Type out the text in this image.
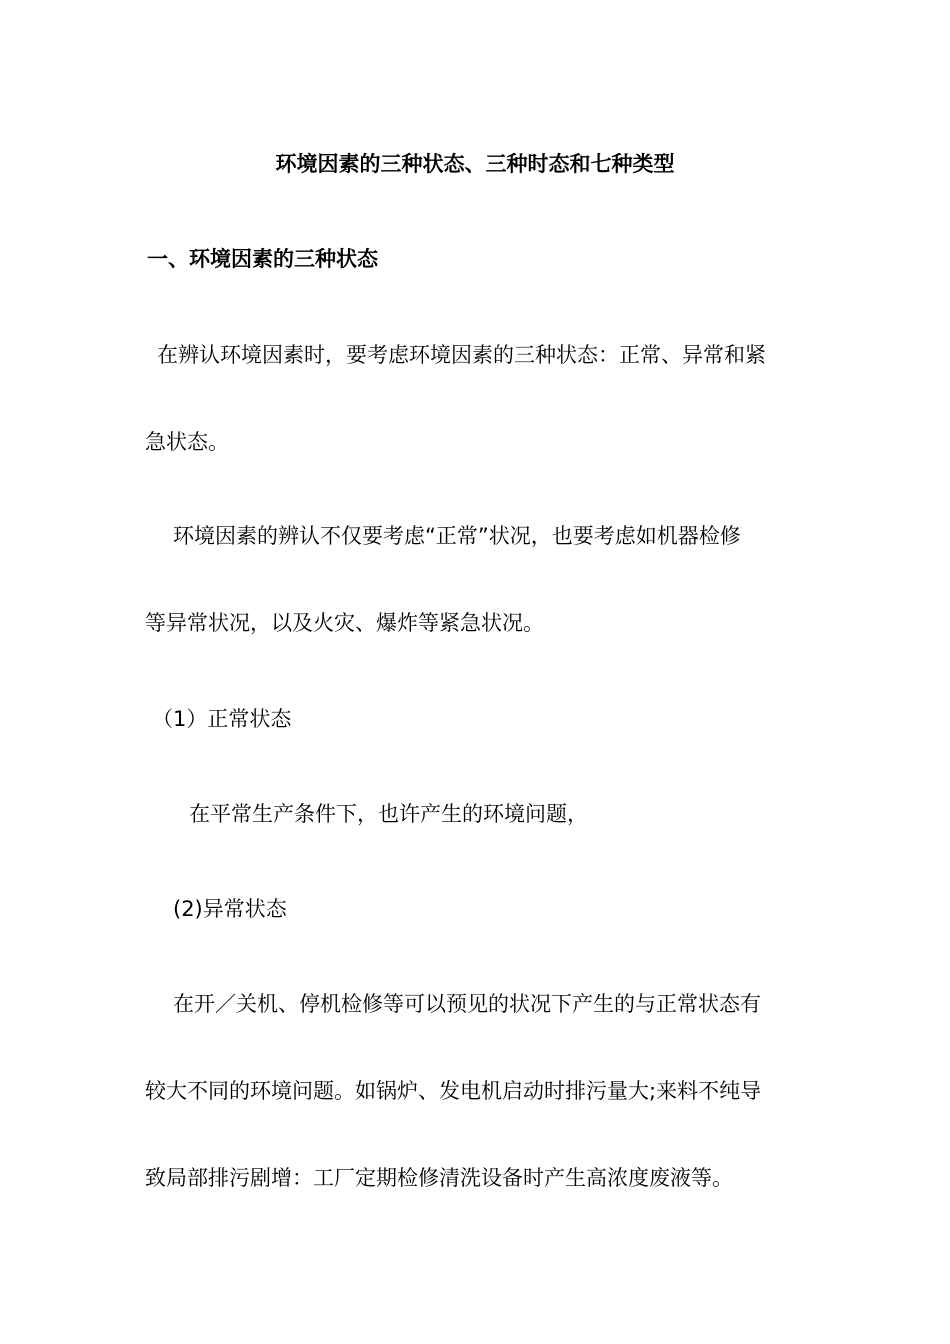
环境因素的三种状态、三种时态和七种类型
一、环境因素的三种状态
在辨认环境因素时，要考虑环境因素的三种状态：正常、异常和紧
急状态。
环境因素的辨认不仅要考虑“正常”状况，也要考虑如机器检修
等异常状况，以及火灾、爆炸等紧急状况。
（1）正常状态
在平常生产条件下，也许产生的环境问题，
(2)异常状态
在开／关机、停机检修等可以预见的状况下产生的与正常状态有
较大不同的环境问题。如锅炉、发电机启动时排污量大;来料不纯导
致局部排污剧增：工厂定期检修清洗设备时产生高浓度废液等。
